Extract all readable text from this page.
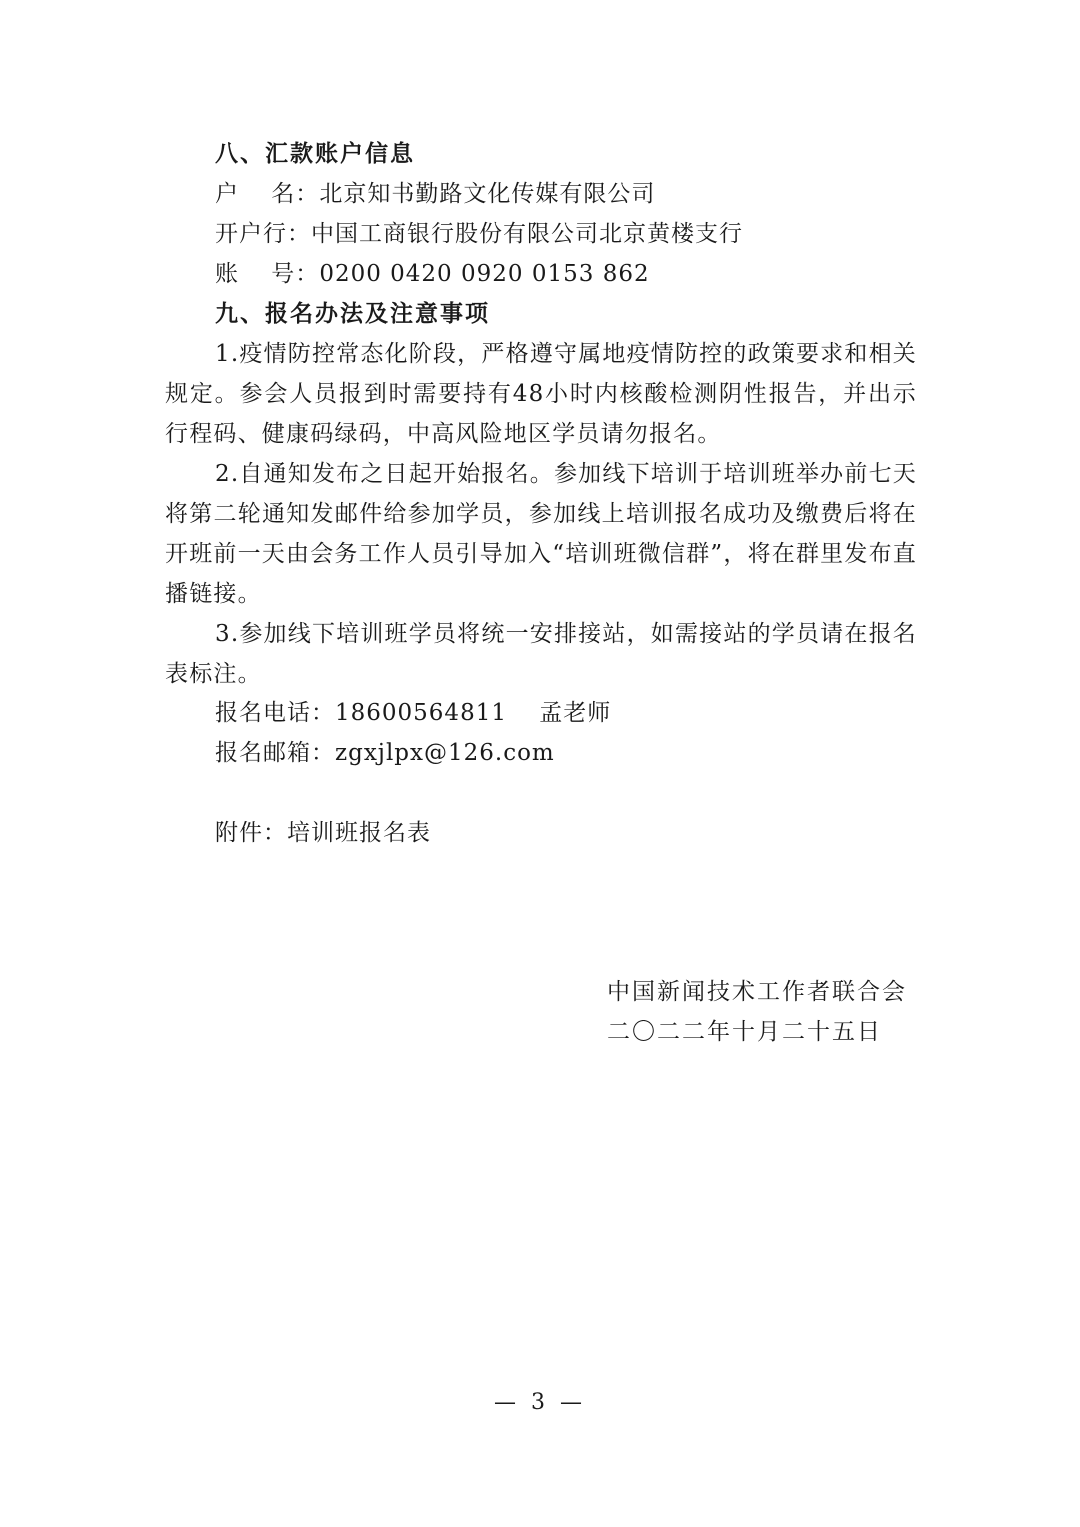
八、汇款账户信息
户　 名：北京知书勤路文化传媒有限公司
开户行：中国工商银行股份有限公司北京黄楼支行
账　 号：0200 0420 0920 0153 862
九、报名办法及注意事项
1.疫情防控常态化阶段，严格遵守属地疫情防控的政策要求和相关规定。参会人员报到时需要持有48小时内核酸检测阴性报告，并出示行程码、健康码绿码，中高风险地区学员请勿报名。
2.自通知发布之日起开始报名。参加线下培训于培训班举办前七天将第二轮通知发邮件给参加学员，参加线上培训报名成功及缴费后将在开班前一天由会务工作人员引导加入“培训班微信群”，将在群里发布直播链接。
3.参加线下培训班学员将统一安排接站，如需接站的学员请在报名表标注。
报名电话：18600564811　 孟老师
报名邮箱：zgxjlpx@126.com
附件：培训班报名表
中国新闻技术工作者联合会
二〇二二年十月二十五日
— 3 —
